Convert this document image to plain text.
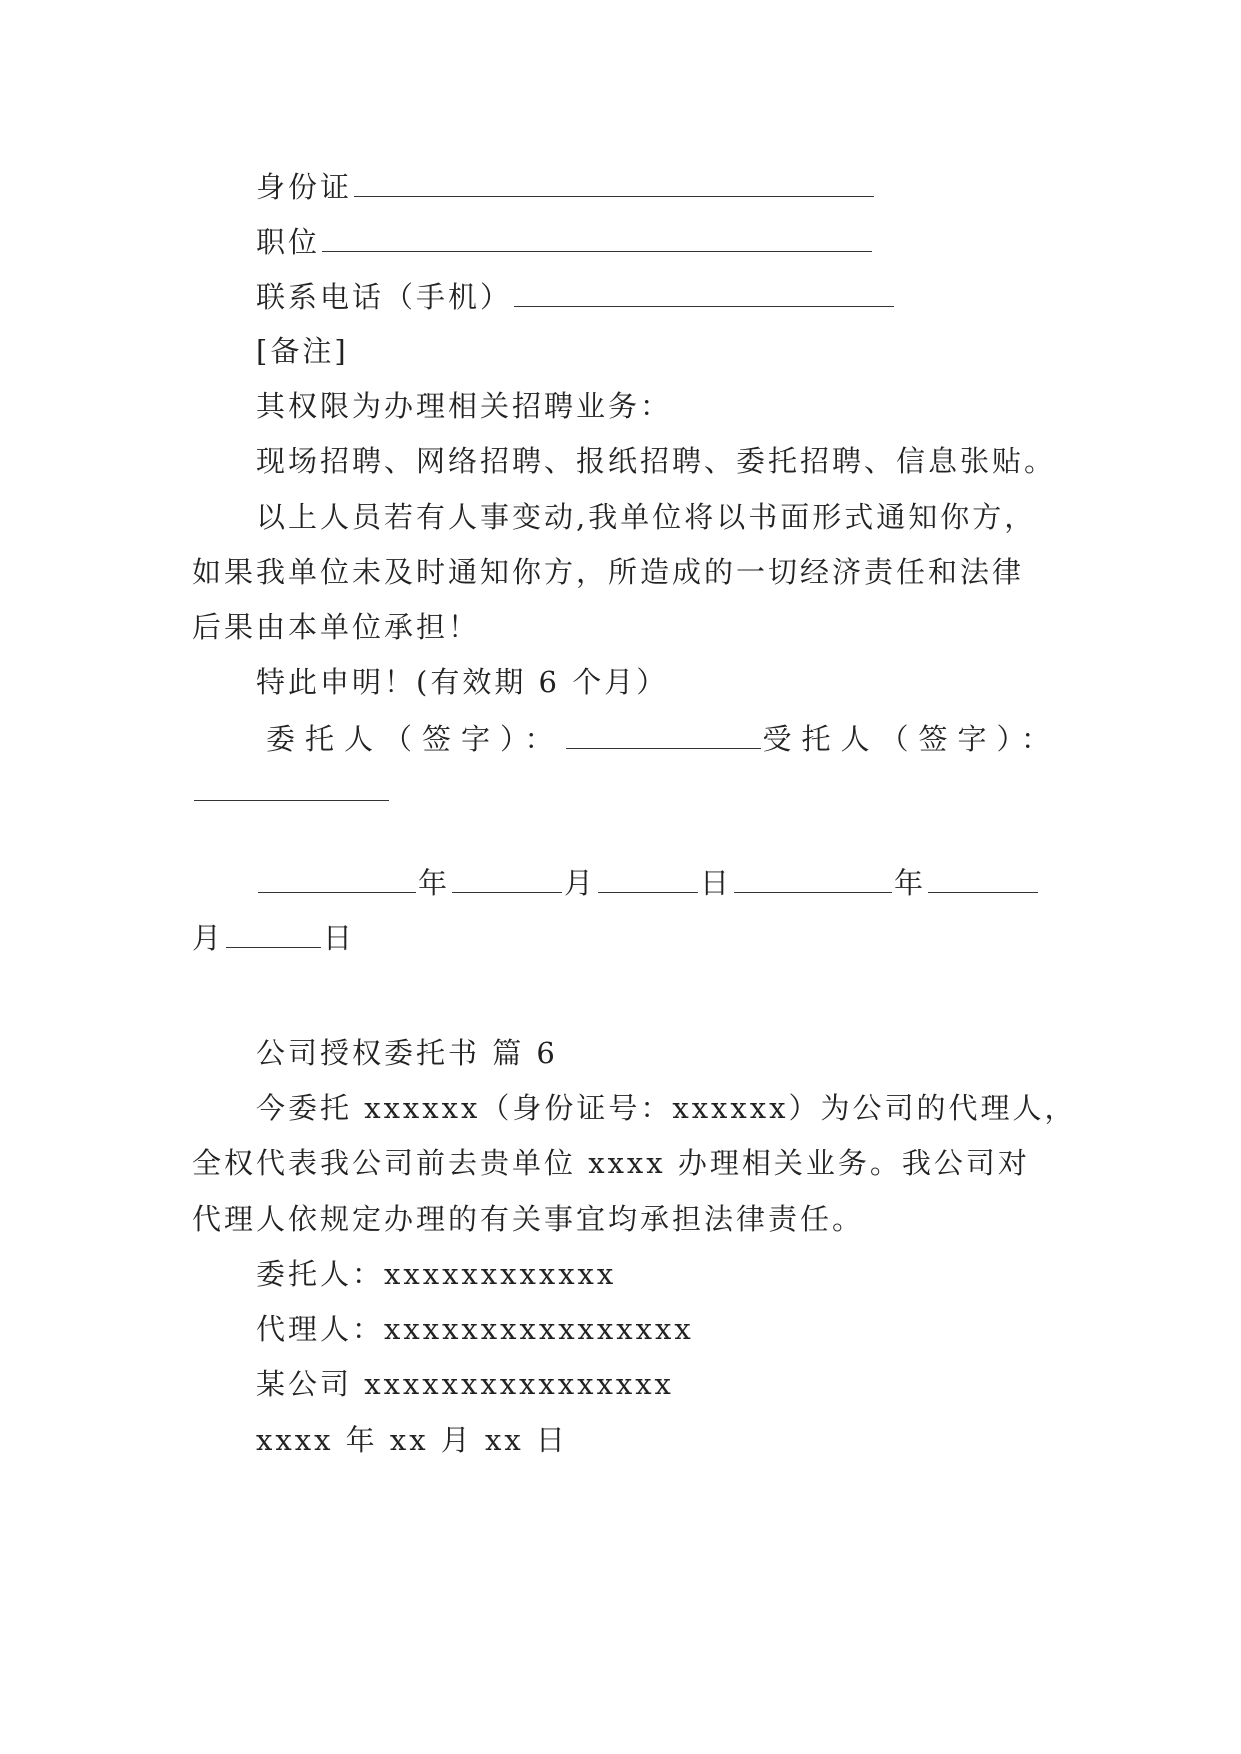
身份证
职位
联系电话（手机）
[备注]
其权限为办理相关招聘业务：
现场招聘、网络招聘、报纸招聘、委托招聘、信息张贴。
以上人员若有人事变动,我单位将以书面形式通知你方，
如果我单位未及时通知你方，所造成的一切经济责任和法律
后果由本单位承担！
特此申明！(有效期 6 个月）
委托人（签字）：	受托人（签字）：
年	月	日	年
月	日
公司授权委托书 篇 6
今委托 xxxxxx（身份证号：xxxxxx）为公司的代理人，
全权代表我公司前去贵单位 xxxx 办理相关业务。我公司对
代理人依规定办理的有关事宜均承担法律责任。
委托人：xxxxxxxxxxxx
代理人：xxxxxxxxxxxxxxxx
某公司 xxxxxxxxxxxxxxxx
xxxx 年 xx 月 xx 日
